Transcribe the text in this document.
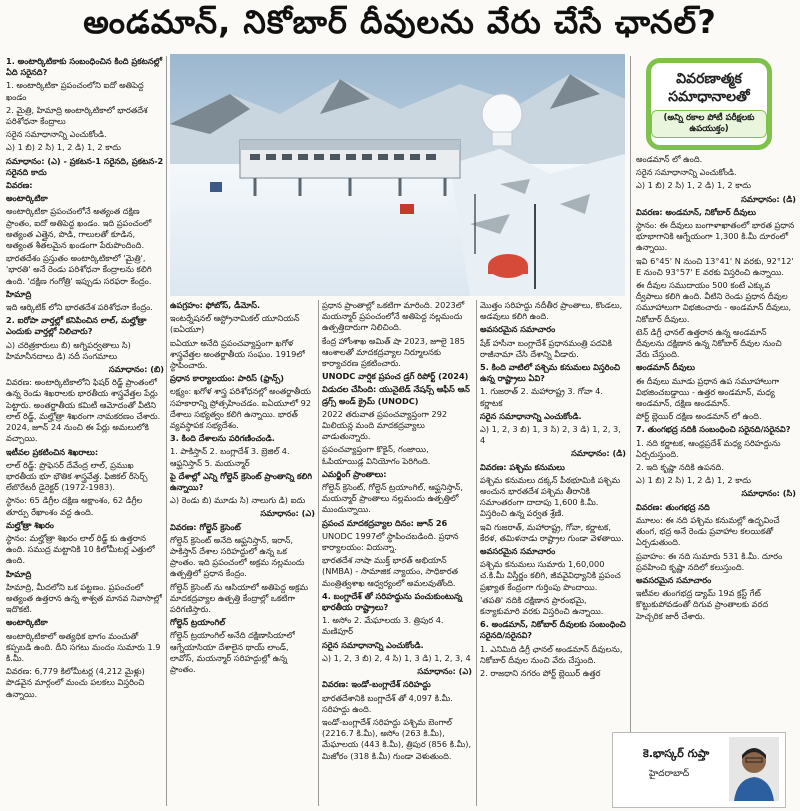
అండమాన్, నికోబార్ దీవులను వేరు చేసే ఛానల్?

1. అంటార్కిటికాకు సంబంధించిన కింది ప్రకటనల్లో ఏది సరైనది?

1. అంటార్కిటికా ప్రపంచంలోని ఐదో అతిపెద్ద ఖండం

2. మైత్రి, హిమాద్రి అంటార్కిటికాలో భారతదేశ పరిశోధనా కేంద్రాలు

సరైన సమాధానాన్ని ఎంచుకోండి.

ఎ) 1 బి) 2 సి) 1, 2 డి) 1, 2 కాదు

సమాధానం: (ఎ) - ప్రకటన-1 సరైనది, ప్రకటన-2 సరైనది కాదు

వివరణ:

అంటార్కిటికా

అంటార్కిటికా ప్రపంచంలోనే అత్యంత దక్షిణ ప్రాంతం, ఐదో అతిపెద్ద ఖండం. ఇది ప్రపంచంలో అత్యంత ఎత్తైన, పొడి, గాలులతో కూడిన, అత్యంత శీతలమైన ఖండంగా పేరుపొందింది.

భారతదేశం ప్రస్తుతం అంటార్కిటికాలో 'మైత్రి', 'భారతి' అనే రెండు పరిశోధనా కేంద్రాలను కలిగి ఉంది. 'దక్షిణ గంగోత్రి' ఇప్పుడు సరఫరా కేంద్రం.

హిమాద్రి

ఇది ఆర్కిటిక్ లోని భారతదేశ పరిశోధనా కేంద్రం.

2. ఐరోపా వార్తల్లో కనిపించిన లాల్, మల్హోత్రా ఎందుకు వార్తల్లో నిలిచారు?

ఎ) చరిత్రకారులు బి) అగ్నిపర్వతాలు సి) హిమానీనదాలు డి) నదీ సంగమాలు

సమాధానం: (బి)

వివరణ: అంటార్కిటికాలోని ఫిషర్ రిడ్జ్ ప్రాంతంలో ఉన్న రెండు శిఖరాలకు భారతీయ శాస్త్రవేత్తల పేర్లు పెట్టారు. అంతర్జాతీయ కమిటీ ఆమోదంతో వీటిని లాల్ రిడ్జ్, మల్హోత్రా శిఖరంగా నామకరణం చేశారు. 2024, జూన్ 24 నుంచి ఈ పేర్లు అమలులోకి వచ్చాయి.

ఇటీవల ప్రకటించిన శిఖరాలు:

లాల్ రిడ్జ్: ప్రొఫెసర్ దేవేంద్ర లాల్, ప్రముఖ భారతీయ భూ భౌతిక శాస్త్రవేత్త. ఫిజికల్ రీసెర్చ్ లేబొరేటరీ డైరెక్టర్ (1972-1983).

స్థానం: 65 డిగ్రీల దక్షిణ అక్షాంశం, 62 డిగ్రీల తూర్పు రేఖాంశం వద్ద ఉంది.

మల్హోత్రా శిఖరం

స్థానం: మల్హోత్రా శిఖరం లాల్ రిడ్జ్ కు ఉత్తరాన ఉంది. సముద్ర మట్టానికి 10 కిలోమీటర్ల ఎత్తులో ఉంది.

హిమాద్రి

హిమాద్రి, మీదలోని ఒక పట్టణం. ప్రపంచంలో అత్యంత ఉత్తరాన ఉన్న శాశ్వత మానవ నివాసాల్లో ఇదొకటి.

అంటార్కిటికా

అంటార్కిటికాలో అత్యధిక భాగం మంచుతో కప్పబడి ఉంది. దీని సగటు మందం సుమారు 1.9 కి.మీ.

వివరణ: 6,779 కిలోమీటర్ల (4,212 మైళ్లు) పొడవైన మార్గంలో మంచు పలకలు విస్తరించి ఉన్నాయి.

ఉపగ్రహం: ఫోబోస్, డీమోస్.

ఇంటర్నేషనల్ ఆస్ట్రోనామికల్ యూనియన్ (ఐఏయూ)

ఐఏయూ అనేది ప్రపంచవ్యాప్తంగా ఖగోళ శాస్త్రవేత్తల అంతర్జాతీయ సంఘం. 1919లో స్థాపించారు.

ప్రధాన కార్యాలయం: పారిస్ (ఫ్రాన్స్)

లక్ష్యం: ఖగోళ శాస్త్ర పరిశోధనల్లో అంతర్జాతీయ సహకారాన్ని ప్రోత్సహించడం. ఐఏయూలో 92 దేశాలు సభ్యత్వం కలిగి ఉన్నాయి. భారత్ వ్యవస్థాపక సభ్యదేశం.

3. కింది దేశాలను పరిగణించండి.

1. పాకిస్తాన్ 2. బంగ్లాదేశ్ 3. బ్రెజిల్ 4. ఆఫ్ఘనిస్తాన్ 5. మయన్మార్

పై దేశాల్లో ఎన్ని గోల్డెన్ క్రెసెంట్ ప్రాంతాన్ని కలిగి ఉన్నాయి?

ఎ) రెండు బి) మూడు సి) నాలుగు డి) ఐదు

సమాధానం: (ఎ)

వివరణ: గోల్డెన్ క్రెసెంట్

గోల్డెన్ క్రెసెంట్ అనేది ఆఫ్ఘనిస్తాన్, ఇరాన్, పాకిస్తాన్ దేశాల సరిహద్దులో ఉన్న ఒక ప్రాంతం. ఇది ప్రపంచంలో అక్రమ నల్లమందు ఉత్పత్తిలో ప్రధాన కేంద్రం.

గోల్డెన్ క్రెసెంట్ ను ఆసియాలో అతిపెద్ద అక్రమ మాదకద్రవ్యాల ఉత్పత్తి కేంద్రాల్లో ఒకటిగా పరిగణిస్తారు.

గోల్డెన్ ట్రయాంగిల్

గోల్డెన్ ట్రయాంగిల్ అనేది దక్షిణాసియాలో ఆగ్నేయాసియా దేశాలైన థాయ్ లాండ్, లావోస్, మయన్మార్ సరిహద్దుల్లో ఉన్న ప్రాంతం.

ప్రధాన ప్రాంతాల్లో ఒకటిగా మారింది. 2023లో మయన్మార్ ప్రపంచంలోనే అతిపెద్ద నల్లమందు ఉత్పత్తిదారుగా నిలిచింది.

కేంద్ర హోంశాఖ అమిత్ షా 2023, జూలై 185 ఆంశాలతో మాదకద్రవ్యాల నిర్మూలనకు కార్యాచరణ ప్రకటించారు.

UNODC వార్షిక ప్రపంచ డ్రగ్ రిపోర్ట్ (2024)

విడుదల చేసింది: యునైటెడ్ నేషన్స్ ఆఫీస్ ఆన్ డ్రగ్స్ అండ్ క్రైమ్ (UNODC)

2022 తరువాత ప్రపంచవ్యాప్తంగా 292 మిలియన్ల మంది మాదకద్రవ్యాలు వాడుతున్నారు.

ప్రపంచవ్యాప్తంగా కొకైన్, గంజాయి, ఓపియాయిడ్ల వినియోగం పెరిగింది.

ఎమర్జింగ్ ప్రాంతాలు:

గోల్డెన్ క్రెసెంట్, గోల్డెన్ ట్రయాంగిల్, ఆఫ్ఘనిస్తాన్, మయన్మార్ ప్రాంతాలు నల్లమందు ఉత్పత్తిలో ముందున్నాయి.

ప్రపంచ మాదకద్రవ్యాల దినం: జూన్ 26

UNODC 1997లో స్థాపించబడింది. ప్రధాన కార్యాలయం: వియన్నా.

భారతదేశ నాషా ముక్త్ భారత్ అభియాన్ (NMBA) - సామాజిక న్యాయం, సాధికారత మంత్రిత్వశాఖ ఆధ్వర్యంలో అమలవుతోంది.

4. బంగ్లాదేశ్ తో సరిహద్దును పంచుకుంటున్న భారతీయ రాష్ట్రాలు?

1. అసోం 2. మేఘాలయ 3. త్రిపుర 4. మణిపూర్

సరైన సమాధానాన్ని ఎంచుకోండి.

ఎ) 1, 2, 3 బి) 2, 4 సి) 1, 3 డి) 1, 2, 3, 4

సమాధానం: (ఎ)

వివరణ: ఇండో-బంగ్లాదేశ్ సరిహద్దు

భారతదేశానికి బంగ్లాదేశ్ తో 4,097 కి.మీ. సరిహద్దు ఉంది.

ఇండో-బంగ్లాదేశ్ సరిహద్దు పశ్చిమ బెంగాల్ (2216.7 కి.మీ), అసోం (263 కి.మీ), మేఘాలయ (443 కి.మీ), త్రిపుర (856 కి.మీ), మిజోరం (318 కి.మీ) గుండా వెళుతుంది.

మొత్తం సరిహద్దు నదీతీర ప్రాంతాలు, కొండలు, అడవులు కలిగి ఉంది.

అవసరమైన సమాచారం

షేక్ హసీనా బంగ్లాదేశ్ ప్రధానమంత్రి పదవికి రాజీనామా చేసి దేశాన్ని వీడారు.

5. కింది వాటిలో పశ్చిమ కనుమలు విస్తరించి ఉన్న రాష్ట్రాలు ఏవి?

1. గుజరాత్ 2. మహారాష్ట్ర 3. గోవా 4. కర్ణాటక

సరైన సమాధానాన్ని ఎంచుకోండి.

ఎ) 1, 2, 3 బి) 1, 3 సి) 2, 3 డి) 1, 2, 3, 4

సమాధానం: (డి)

వివరణ: పశ్చిమ కనుమలు

పశ్చిమ కనుమలు దక్కన్ పీఠభూమికి పశ్చిమ అంచున భారతదేశ పశ్చిమ తీరానికి సమాంతరంగా దాదాపు 1,600 కి.మీ. విస్తరించి ఉన్న పర్వత శ్రేణి.

ఇవి గుజరాత్, మహారాష్ట్ర, గోవా, కర్ణాటక, కేరళ, తమిళనాడు రాష్ట్రాల గుండా వెళతాయి.

అవసరమైన సమాచారం

పశ్చిమ కనుమలు సుమారు 1,60,000 చ.కి.మీ విస్తీర్ణం కలిగి, జీవవైవిధ్యానికి ప్రపంచ ప్రఖ్యాత కేంద్రంగా గుర్తింపు పొందాయి.

'తపతి' నదికి దక్షిణాన ప్రారంభమై, కన్యాకుమారి వరకు విస్తరించి ఉన్నాయి.

6. అండమాన్, నికోబార్ దీవులకు సంబంధించి సరైనది/సరైనవి?

1. ఎనిమిది డిగ్రీ ఛానల్ అండమాన్ దీవులను, నికోబార్ దీవుల నుంచి వేరు చేస్తుంది.

2. రాజధాని నగరం పోర్ట్ బ్లెయిర్ ఉత్తర

వివరణాత్మక సమాధానాలతో
(అన్ని రకాల పోటీ పరీక్షలకు ఉపయుక్తం)

అండమాన్ లో ఉంది.

సరైన సమాధానాన్ని ఎంచుకోండి.

ఎ) 1 బి) 2 సి) 1, 2 డి) 1, 2 కాదు

సమాధానం: (డి)

వివరణ: అండమాన్, నికోబార్ దీవులు

స్థానం: ఈ దీవులు బంగాళాఖాతంలో భారత ప్రధాన భూభాగానికి ఆగ్నేయంగా 1,300 కి.మీ దూరంలో ఉన్నాయి.

ఇవి 6°45' N నుంచి 13°41' N వరకు, 92°12' E నుంచి 93°57' E వరకు విస్తరించి ఉన్నాయి.

ఈ దీవుల సముదాయం 500 కంటే ఎక్కువ ద్వీపాలు కలిగి ఉంది. వీటిని రెండు ప్రధాన దీవుల సమూహాలుగా విభజించారు - అండమాన్ దీవులు, నికోబార్ దీవులు.

టెన్ డిగ్రీ ఛానల్ ఉత్తరాన ఉన్న అండమాన్ దీవులను దక్షిణాన ఉన్న నికోబార్ దీవుల నుంచి వేరు చేస్తుంది.

అండమాన్ దీవులు

ఈ దీవులు మూడు ప్రధాన ఉప సమూహాలుగా విభజించబడ్డాయి - ఉత్తర అండమాన్, మధ్య అండమాన్, దక్షిణ అండమాన్.

పోర్ట్ బ్లెయిర్ దక్షిణ అండమాన్ లో ఉంది.

7. తుంగభద్ర నదికి సంబంధించి సరైనది/సరైనవి?

1. నది కర్ణాటక, ఆంధ్రప్రదేశ్ మధ్య సరిహద్దును ఏర్పరుస్తుంది.

2. ఇది కృష్ణా నదికి ఉపనది.

ఎ) 1 బి) 2 సి) 1, 2 డి) 1, 2 కాదు

సమాధానం: (సి)

వివరణ: తుంగభద్ర నది

మూలం: ఈ నది పశ్చిమ కనుమల్లో ఉద్భవించే తుంగ, భద్ర అనే రెండు ప్రవాహాల కలయికతో ఏర్పడుతుంది.

ప్రవాహం: ఈ నది సుమారు 531 కి.మీ. దూరం ప్రవహించి కృష్ణా నదిలో కలుస్తుంది.

అవసరమైన సమాచారం

ఇటీవల తుంగభద్ర డ్యామ్ 19వ క్రస్ట్ గేట్ కొట్టుకుపోవడంతో దిగువ ప్రాంతాలకు వరద హెచ్చరిక జారీ చేశారు.

కె.భాస్కర్ గుప్తా
హైదరాబాద్
